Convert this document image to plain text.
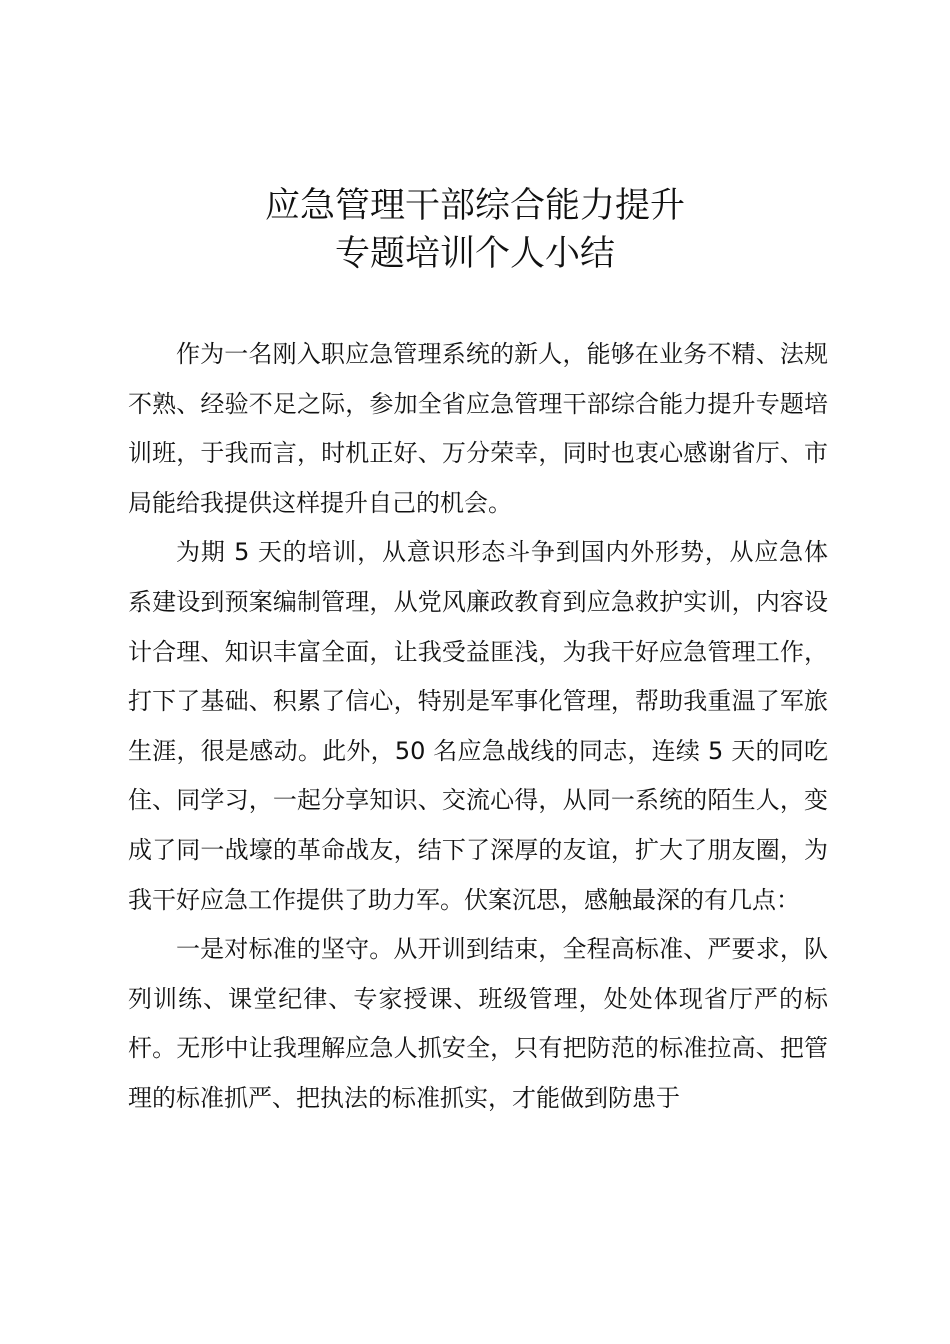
应急管理干部综合能力提升
专题培训个人小结

作为一名刚入职应急管理系统的新人，能够在业务不精、法规不熟、经验不足之际，参加全省应急管理干部综合能力提升专题培训班，于我而言，时机正好、万分荣幸，同时也衷心感谢省厅、市局能给我提供这样提升自己的机会。

为期 5 天的培训，从意识形态斗争到国内外形势，从应急体系建设到预案编制管理，从党风廉政教育到应急救护实训，内容设计合理、知识丰富全面，让我受益匪浅，为我干好应急管理工作，打下了基础、积累了信心，特别是军事化管理，帮助我重温了军旅生涯，很是感动。此外，50 名应急战线的同志，连续 5 天的同吃住、同学习，一起分享知识、交流心得，从同一系统的陌生人，变成了同一战壕的革命战友，结下了深厚的友谊，扩大了朋友圈，为我干好应急工作提供了助力军。伏案沉思，感触最深的有几点：

一是对标准的坚守。从开训到结束，全程高标准、严要求，队列训练、课堂纪律、专家授课、班级管理，处处体现省厅严的标杆。无形中让我理解应急人抓安全，只有把防范的标准拉高、把管理的标准抓严、把执法的标准抓实，才能做到防患于
